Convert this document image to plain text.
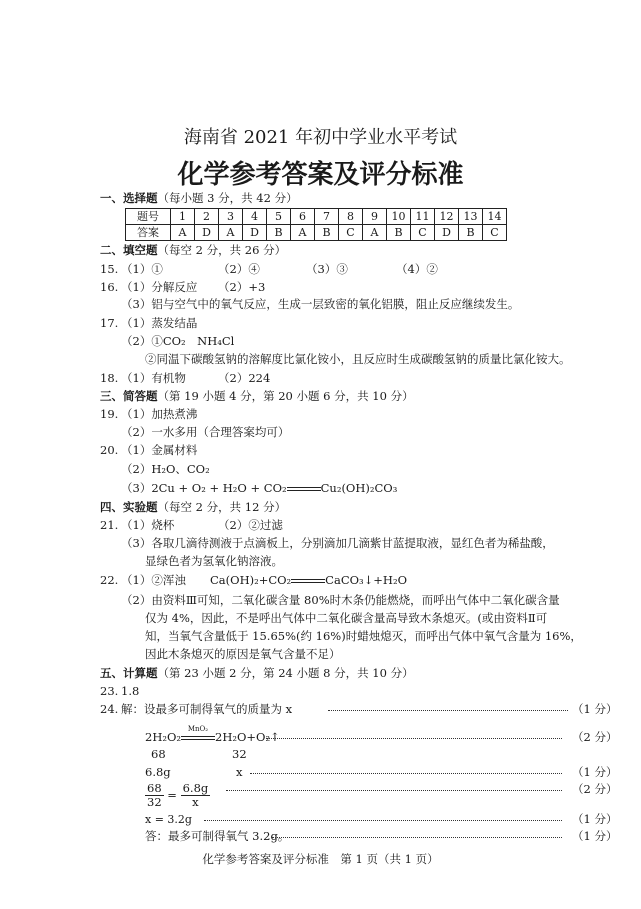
海南省 2021 年初中学业水平考试
化学参考答案及评分标准
一、选择题（每小题 3 分，共 42 分）
题号	1	2	3	4	5	6	7	8	9	10	11	12	13	14
答案	A	D	A	D	B	A	B	C	A	B	C	D	B	C
二、填空题（每空 2 分，共 26 分）
15. （1）①	（2）④	（3）③	（4）②
16. （1）分解反应 （2）+3
（3）铝与空气中的氧气反应，生成一层致密的氧化铝膜，阻止反应继续发生。
17. （1）蒸发结晶
（2）①CO₂　NH₄Cl
②同温下碳酸氢钠的溶解度比氯化铵小，且反应时生成碳酸氢钠的质量比氯化铵大。
18. （1）有机物	（2）224
三、简答题（第 19 小题 4 分，第 20 小题 6 分，共 10 分）
19. （1）加热煮沸
（2）一水多用（合理答案均可）
20. （1）金属材料
（2）H₂O、CO₂
（3）2Cu + O₂ + H₂O + CO₂	Cu₂(OH)₂CO₃
四、实验题（每空 2 分，共 12 分）
21. （1）烧杯	（2）②过滤
（3）各取几滴待测液于点滴板上，分别滴加几滴紫甘蓝提取液，显红色者为稀盐酸，
显绿色者为氢氧化钠溶液。
22. （1）②浑浊 Ca(OH)₂+CO₂	CaCO₃↓+H₂O
（2）由资料Ⅲ可知，二氧化碳含量 80%时木条仍能燃烧，而呼出气体中二氧化碳含量
仅为 4%，因此，不是呼出气体中二氧化碳含量高导致木条熄灭。(或由资料Ⅱ可
知，当氧气含量低于 15.65%(约 16%)时蜡烛熄灭，而呼出气体中氧气含量为 16%，
因此木条熄灭的原因是氧气含量不足）
五、计算题（第 23 小题 2 分，第 24 小题 8 分，共 10 分）
23. 1.8
24. 解：设最多可制得氧气的质量为 x	（1 分）
2H₂O₂
MnO₂
2H₂O+O₂↑	（2 分）
68	32
6.8g	x	（1 分）
$\frac{68}{32} = \frac{6.8g}{x}$	（2 分）
x = 3.2g	（1 分）
答：最多可制得氧气 3.2g。	（1 分）
化学参考答案及评分标准　第 1 页（共 1 页）
